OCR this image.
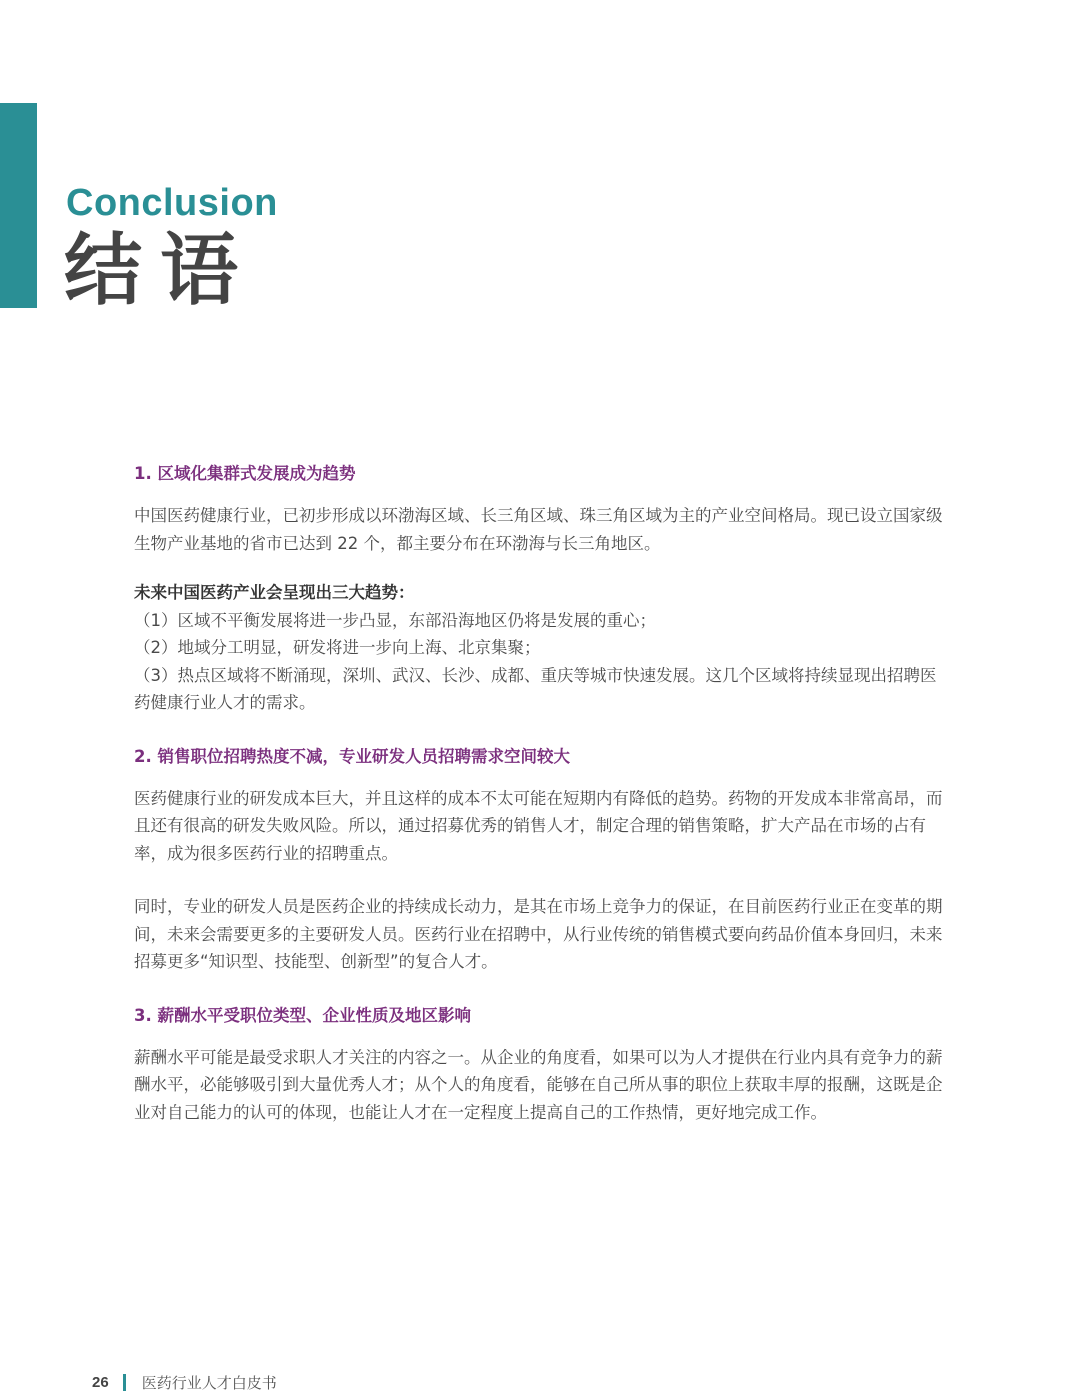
Conclusion
结语
1. 区域化集群式发展成为趋势

中国医药健康行业，已初步形成以环渤海区域、长三角区域、珠三角区域为主的产业空间格局。现已设立国家级生物产业基地的省市已达到 22 个，都主要分布在环渤海与长三角地区。

未来中国医药产业会呈现出三大趋势：

（1）区域不平衡发展将进一步凸显，东部沿海地区仍将是发展的重心；
（2）地域分工明显，研发将进一步向上海、北京集聚；
（3）热点区域将不断涌现，深圳、武汉、长沙、成都、重庆等城市快速发展。这几个区域将持续显现出招聘医药健康行业人才的需求。
2. 销售职位招聘热度不减，专业研发人员招聘需求空间较大

医药健康行业的研发成本巨大，并且这样的成本不太可能在短期内有降低的趋势。药物的开发成本非常高昂，而且还有很高的研发失败风险。所以，通过招募优秀的销售人才，制定合理的销售策略，扩大产品在市场的占有率，成为很多医药行业的招聘重点。

同时，专业的研发人员是医药企业的持续成长动力，是其在市场上竞争力的保证，在目前医药行业正在变革的期间，未来会需要更多的主要研发人员。医药行业在招聘中，从行业传统的销售模式要向药品价值本身回归，未来招募更多“知识型、技能型、创新型”的复合人才。

3. 薪酬水平受职位类型、企业性质及地区影响

薪酬水平可能是最受求职人才关注的内容之一。从企业的角度看，如果可以为人才提供在行业内具有竞争力的薪酬水平，必能够吸引到大量优秀人才；从个人的角度看，能够在自己所从事的职位上获取丰厚的报酬，这既是企业对自己能力的认可的体现，也能让人才在一定程度上提高自己的工作热情，更好地完成工作。

26 医药行业人才白皮书
